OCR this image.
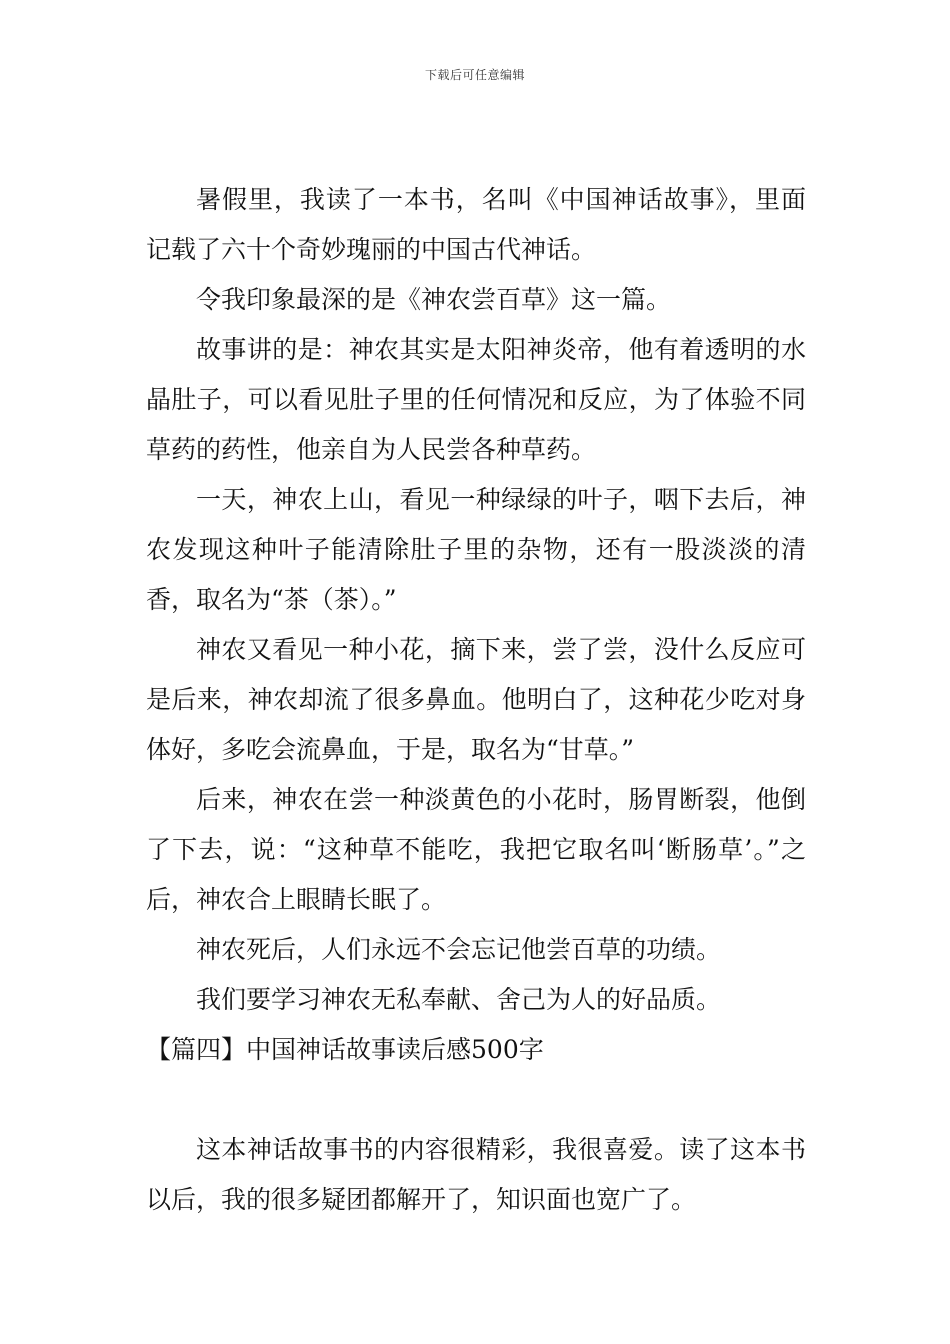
下载后可任意编辑

暑假里，我读了一本书，名叫《中国神话故事》，里面记载了六十个奇妙瑰丽的中国古代神话。

令我印象最深的是《神农尝百草》这一篇。

故事讲的是：神农其实是太阳神炎帝，他有着透明的水晶肚子，可以看见肚子里的任何情况和反应，为了体验不同草药的药性，他亲自为人民尝各种草药。

一天，神农上山，看见一种绿绿的叶子，咽下去后，神农发现这种叶子能清除肚子里的杂物，还有一股淡淡的清香，取名为“茶（茶）。”

神农又看见一种小花，摘下来，尝了尝，没什么反应可是后来，神农却流了很多鼻血。他明白了，这种花少吃对身体好，多吃会流鼻血，于是，取名为“甘草。”

后来，神农在尝一种淡黄色的小花时，肠胃断裂，他倒了下去，说：“这种草不能吃，我把它取名叫‘断肠草’。”之后，神农合上眼睛长眠了。

神农死后，人们永远不会忘记他尝百草的功绩。

我们要学习神农无私奉献、舍己为人的好品质。

【篇四】中国神话故事读后感500字

这本神话故事书的内容很精彩，我很喜爱。读了这本书以后，我的很多疑团都解开了，知识面也宽广了。
